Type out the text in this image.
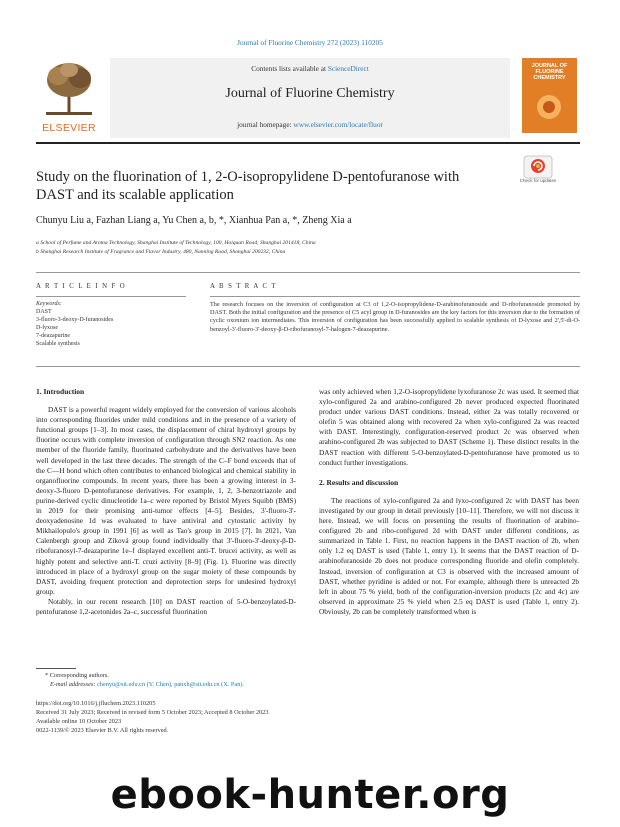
Journal of Fluorine Chemistry 272 (2023) 110205
ELSEVIER
Contents lists available at ScienceDirect
Journal of Fluorine Chemistry
journal homepage: www.elsevier.com/locate/fluor
JOURNAL OF FLUORINE CHEMISTRY
Study on the fluorination of 1, 2-O-isopropylidene D-pentofuranose with
DAST and its scalable application
Check for updates
Chunyu Liu a, Fazhan Liang a, Yu Chen a, b, *, Xianhua Pan a, *, Zheng Xia a
a School of Perfume and Aroma Technology, Shanghai Institute of Technology, 100, Haiquan Road, Shanghai 201418, China
b Shanghai Research Institute of Fragrance and Flavor Industry, 480, Nanning Road, Shanghai 200232, China
A R T I C L E I N F O	A B S T R A C T
Keywords:
DAST
3-fluoro-3-deoxy-D-furanosides
D-lyxose
7-deazapurine
Scalable synthesis
The research focuses on the inversion of configuration at C3 of 1,2-O-isopropylidene-D-arabinofuranoside and D-ribofuranoside promoted by DAST. Both the initial configuration and the presence of C5 acyl group in D-furanosides are the key factors for this inversion due to the formation of cyclic oxonium ion intermediates. This inversion of configuration has been successfully applied to scalable synthesis of D-lyxose and 2',5'-di-O-benzoyl-3'-fluoro-3'-deoxy-β-D-ribofuranosyl-7-halogen-7-deazapurine.
1. Introduction

DAST is a powerful reagent widely employed for the conversion of various alcohols into corresponding fluorides under mild conditions and in the presence of a variety of functional groups [1–3]. In most cases, the displacement of chiral hydroxyl groups by fluorine occurs with complete inversion of configuration through SN2 reaction. As one member of the fluoride family, fluorinated carbohydrate and the derivatives have been well developed in the last three decades. The strength of the C–F bond exceeds that of the C—H bond which often contributes to enhanced biological and chemical stability in organofluorine compounds. In recent years, there has been a growing interest in 3-deoxy-3-fluoro D-pentofuranose derivatives. For example, 1, 2, 3-benzotriazole and purine-derived cyclic dinucleotide 1a–c were reported by Bristol Myers Squibb (BMS) in 2019 for their promising anti-tumor effects [4–5]. Besides, 3'-fluoro-3'-deoxyadenosine 1d was evaluated to have antiviral and cytostatic activity by Mikhailopulo's group in 1991 [6] as well as Tao's group in 2015 [7]. In 2021, Van Calenbergh group and Zíková group found individually that 3'-fluoro-3'-deoxy-β-D-ribofuranosyl-7-deazapurine 1e–f displayed excellent anti-T. brucei activity, as well as highly potent and selective anti-T. cruzi activity [8–9] (Fig. 1). Fluorine was directly introduced in place of a hydroxyl group on the sugar moiety of these compounds by DAST, avoiding frequent protection and deprotection steps for undesired hydroxyl group.

Notably, in our recent research [10] on DAST reaction of 5-O-benzoylated-D-pentofuranose 1,2-acetonides 2a–c, successful fluorination

was only achieved when 1,2-O-isopropylidene lyxofuranose 2c was used. It seemed that xylo-configured 2a and arabino-configured 2b never produced expected fluorinated product under various DAST conditions. Instead, either 2a was totally recovered or olefin 5 was obtained along with recovered 2a when xylo-configured 2a was reacted with DAST. Interestingly, configuration-reserved product 2c was observed when arabino-configured 2b was subjected to DAST (Scheme 1). These distinct results in the DAST reaction with different 5-O-benzoylated-D-pentofuranose have promoted us to conduct further investigations.

2. Results and discussion

The reactions of xylo-configured 2a and lyxo-configured 2c with DAST has been investigated by our group in detail previously [10–11]. Therefore, we will not discuss it here. Instead, we will focus on presenting the results of fluorination of arabino-configured 2b and ribo-configured 2d with DAST under different conditions, as summarized in Table 1. First, no reaction happens in the DAST reaction of 2b, when only 1.2 eq DAST is used (Table 1, entry 1). It seems that the DAST reaction of D-arabinofuranoside 2b does not produce corresponding fluoride and olefin completely. Instead, inversion of configuration at C3 is observed with the increased amount of DAST, whether pyridine is added or not. For example, although there is unreacted 2b left in about 75 % yield, both of the configuration-inversion products (2c and 4c) are observed in approximate 25 % yield when 2.5 eq DAST is used (Table 1, entry 2). Obviously, 2b can be completely transformed when is

* Corresponding authors.
E-mail addresses: chenyu@sit.edu.cn (Y. Chen), panxh@sit.edu.cn (X. Pan).
https://doi.org/10.1016/j.jfluchem.2023.110205
Received 31 July 2023; Received in revised form 5 October 2023; Accepted 8 October 2023
Available online 10 October 2023
0022-1139/© 2023 Elsevier B.V. All rights reserved.
ebook-hunter.org
